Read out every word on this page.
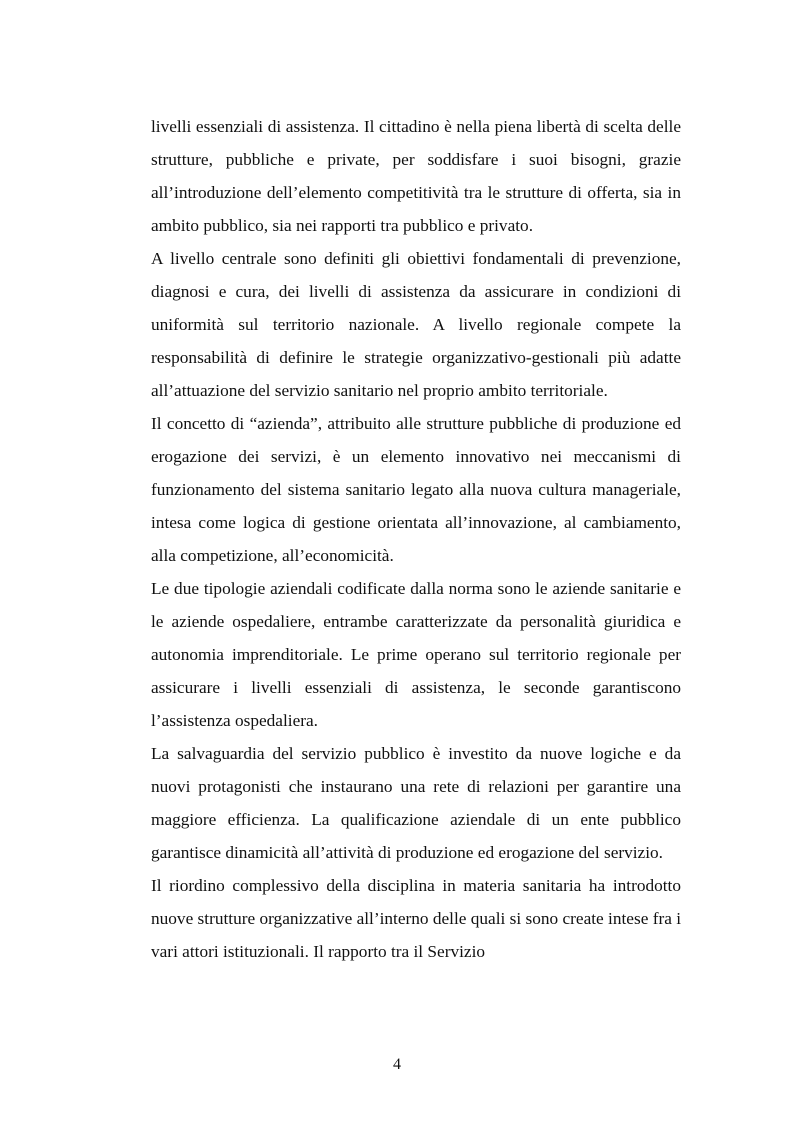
livelli essenziali di assistenza. Il cittadino è nella piena libertà di scelta delle strutture, pubbliche e private, per soddisfare i suoi bisogni, grazie all’introduzione dell’elemento competitività tra le strutture di offerta, sia in ambito pubblico, sia nei rapporti tra pubblico e privato.

A livello centrale sono definiti gli obiettivi fondamentali di prevenzione, diagnosi e cura, dei livelli di assistenza da assicurare in condizioni di uniformità sul territorio nazionale. A livello regionale compete la responsabilità di definire le strategie organizzativo-gestionali più adatte all’attuazione del servizio sanitario nel proprio ambito territoriale.

Il concetto di “azienda”, attribuito alle strutture pubbliche di produzione ed erogazione dei servizi, è un elemento innovativo nei meccanismi di funzionamento del sistema sanitario legato alla nuova cultura manageriale, intesa come logica di gestione orientata all’innovazione, al cambiamento, alla competizione, all’economicità.

Le due tipologie aziendali codificate dalla norma sono le aziende sanitarie e le aziende ospedaliere, entrambe caratterizzate da personalità giuridica e autonomia imprenditoriale. Le prime operano sul territorio regionale per assicurare i livelli essenziali di assistenza, le seconde garantiscono l’assistenza ospedaliera.

La salvaguardia del servizio pubblico è investito da nuove logiche e da nuovi protagonisti che instaurano una rete di relazioni per garantire una maggiore efficienza. La qualificazione aziendale di un ente pubblico garantisce dinamicità all’attività di produzione ed erogazione del servizio.

Il riordino complessivo della disciplina in materia sanitaria ha introdotto nuove strutture organizzative all’interno delle quali si sono create intese fra i vari attori istituzionali. Il rapporto tra il Servizio

4
